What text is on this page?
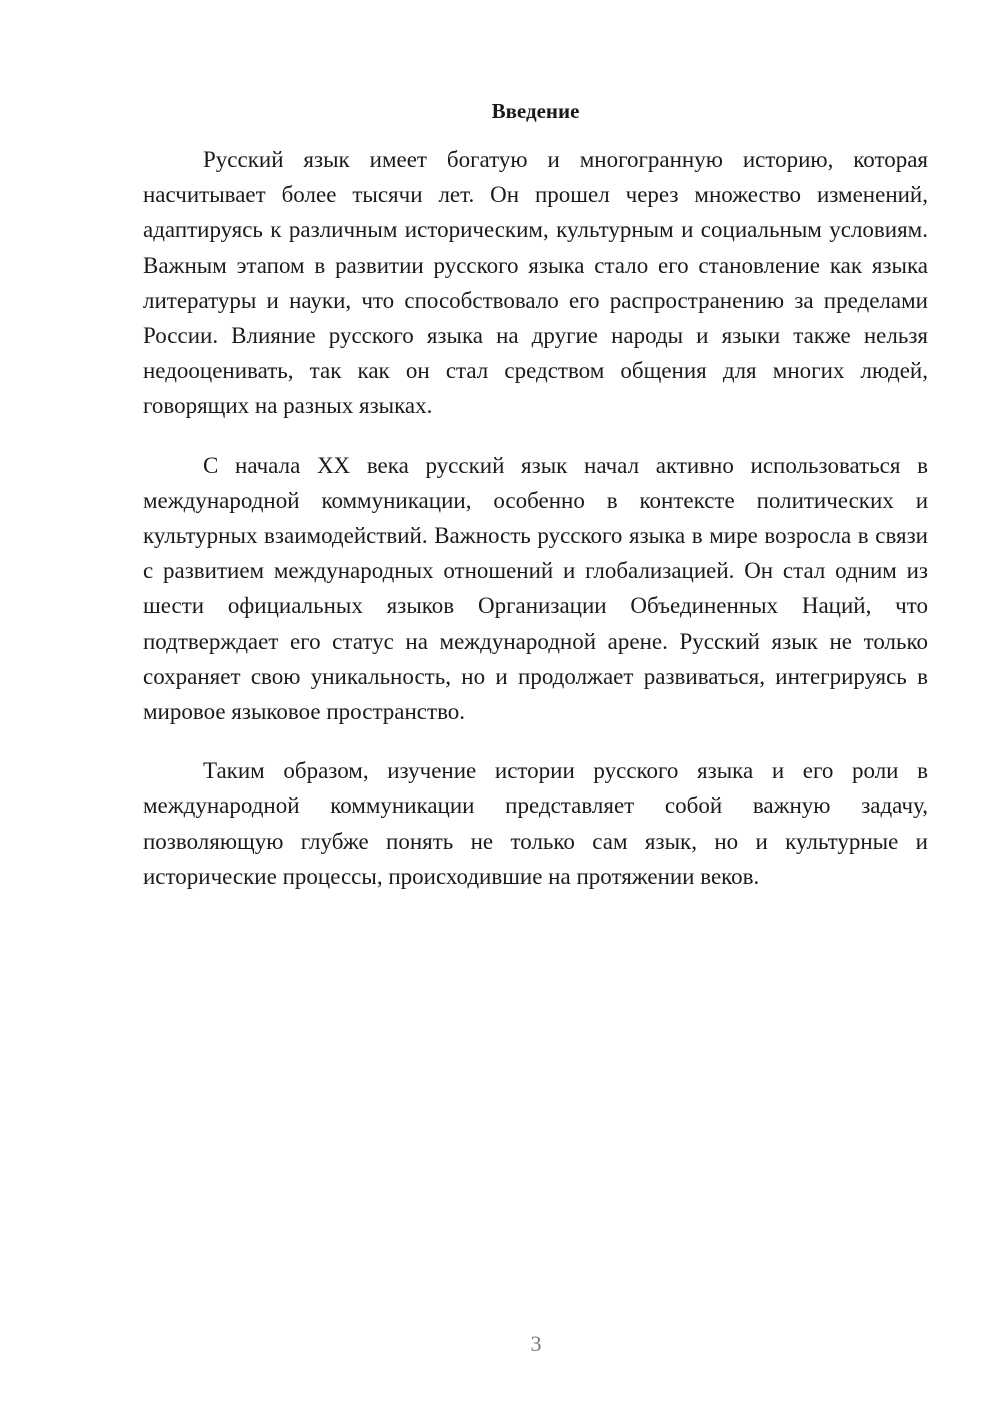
Введение

Русский язык имеет богатую и многогранную историю, которая насчитывает более тысячи лет. Он прошел через множество изменений, адаптируясь к различным историческим, культурным и социальным условиям. Важным этапом в развитии русского языка стало его становление как языка литературы и науки, что способствовало его распространению за пределами России. Влияние русского языка на другие народы и языки также нельзя недооценивать, так как он стал средством общения для многих людей, говорящих на разных языках.

С начала XX века русский язык начал активно использоваться в международной коммуникации, особенно в контексте политических и культурных взаимодействий. Важность русского языка в мире возросла в связи с развитием международных отношений и глобализацией. Он стал одним из шести официальных языков Организации Объединенных Наций, что подтверждает его статус на международной арене. Русский язык не только сохраняет свою уникальность, но и продолжает развиваться, интегрируясь в мировое языковое пространство.

Таким образом, изучение истории русского языка и его роли в международной коммуникации представляет собой важную задачу, позволяющую глубже понять не только сам язык, но и культурные и исторические процессы, происходившие на протяжении веков.

3
